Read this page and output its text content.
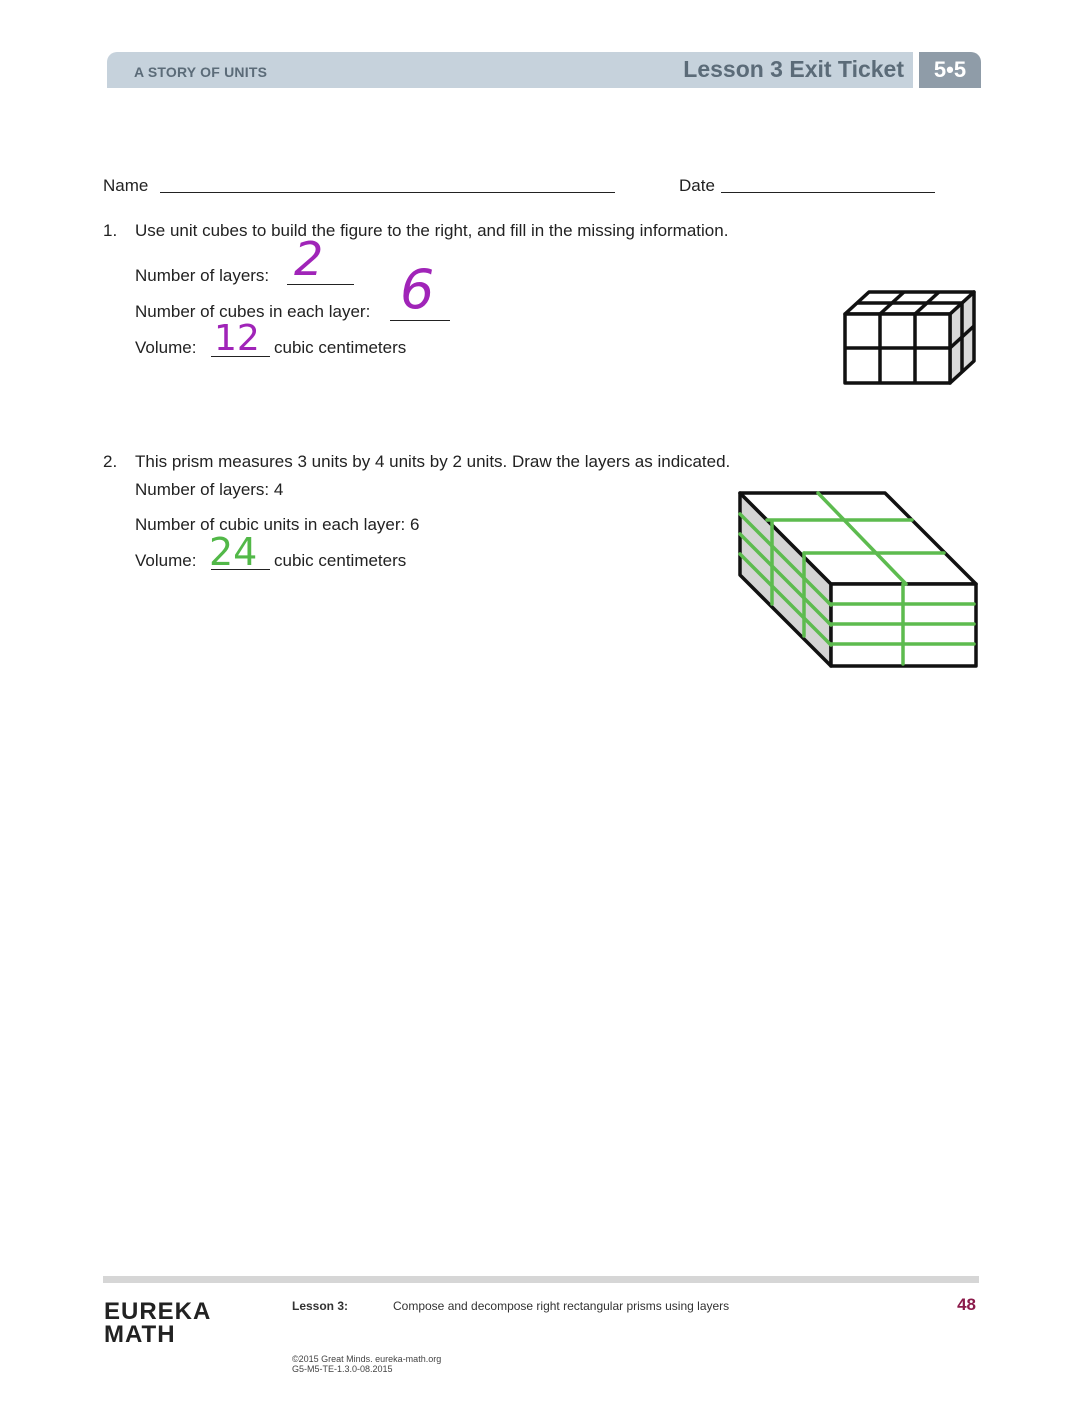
A STORY OF UNITS	Lesson 3 Exit Ticket	5•5
Name	Date
1. Use unit cubes to build the figure to the right, and fill in the missing information.
Number of layers: 2
Number of cubes in each layer: 6
Volume: 12 cubic centimeters
2. This prism measures 3 units by 4 units by 2 units. Draw the layers as indicated.
Number of layers: 4
Number of cubic units in each layer: 6
Volume: 24 cubic centimeters
EUREKA
MATH
Lesson 3:	Compose and decompose right rectangular prisms using layers	48
©2015 Great Minds. eureka-math.org
G5-M5-TE-1.3.0-08.2015
